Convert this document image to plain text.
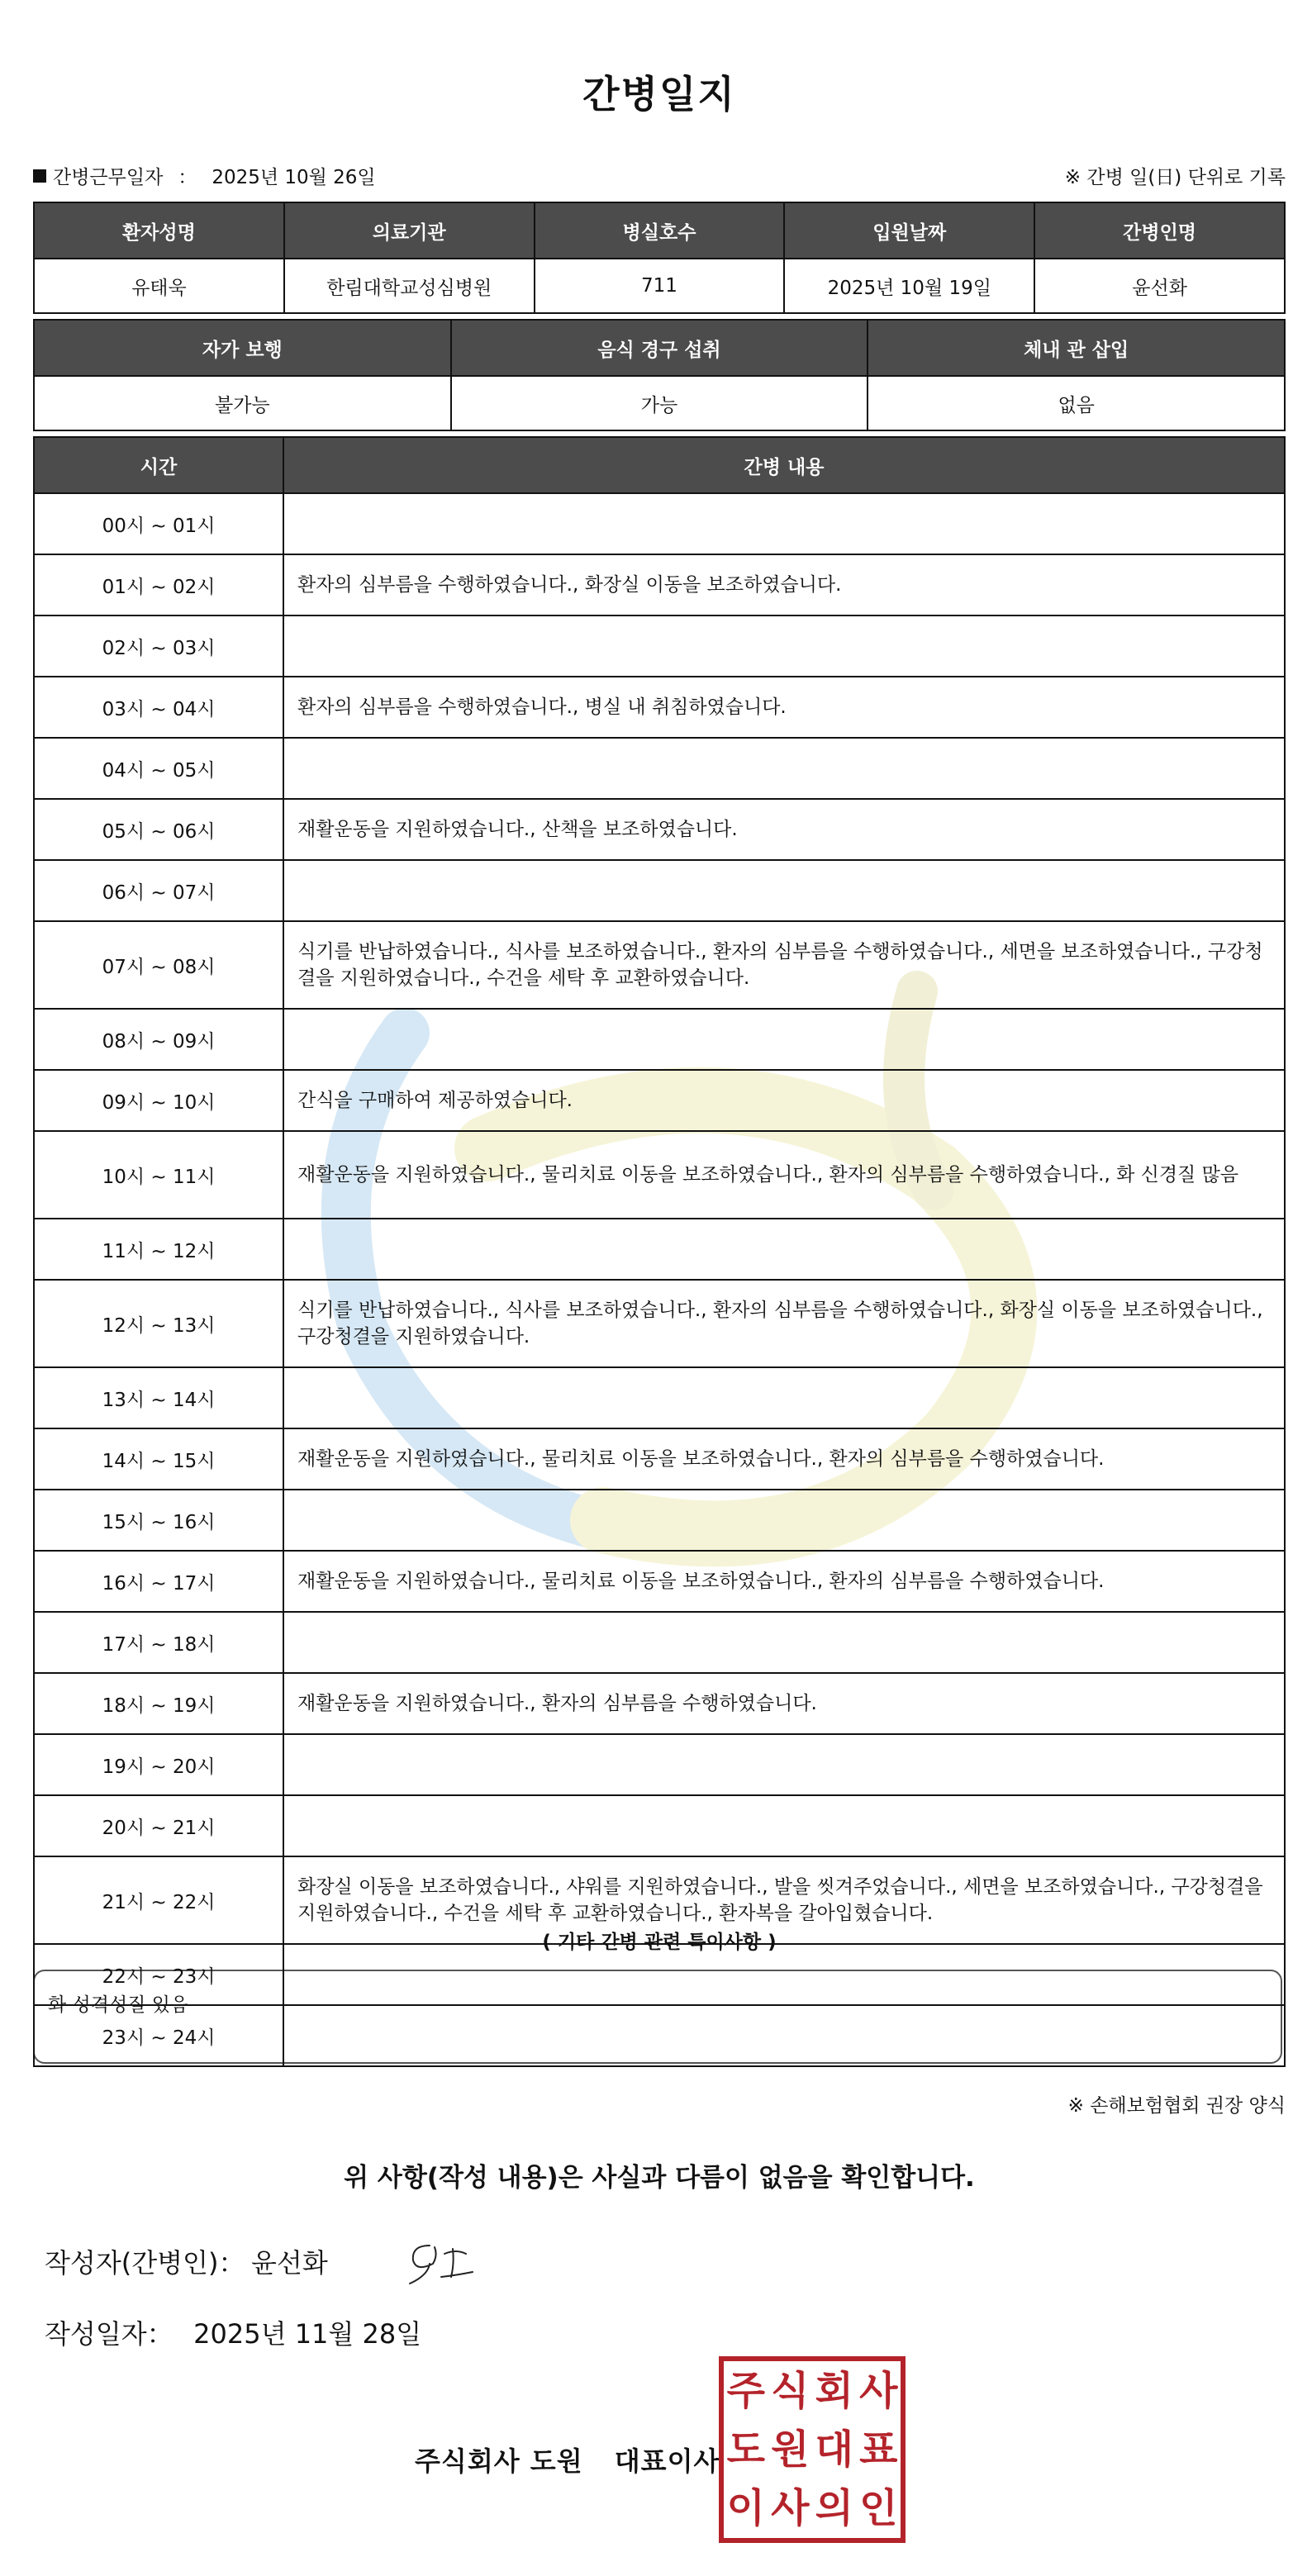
간병일지
간병근무일자 ： 2025년 10월 26일	※ 간병 일(日) 단위로 기록
환자성명	의료기관	병실호수	입원날짜	간병인명
유태욱	한림대학교성심병원	711	2025년 10월 19일	윤선화
자가 보행	음식 경구 섭취	체내 관 삽입
불가능	가능	없음
시간	간병 내용
00시 ~ 01시	
01시 ~ 02시	환자의 심부름을 수행하였습니다., 화장실 이동을 보조하였습니다.
02시 ~ 03시	
03시 ~ 04시	환자의 심부름을 수행하였습니다., 병실 내 취침하였습니다.
04시 ~ 05시	
05시 ~ 06시	재활운동을 지원하였습니다., 산책을 보조하였습니다.
06시 ~ 07시	
07시 ~ 08시	식기를 반납하였습니다., 식사를 보조하였습니다., 환자의 심부름을 수행하였습니다., 세면을 보조하였습니다., 구강청결을 지원하였습니다., 수건을 세탁 후 교환하였습니다.
08시 ~ 09시	
09시 ~ 10시	간식을 구매하여 제공하였습니다.
10시 ~ 11시	재활운동을 지원하였습니다., 물리치료 이동을 보조하였습니다., 환자의 심부름을 수행하였습니다., 화 신경질 많음
11시 ~ 12시	
12시 ~ 13시	식기를 반납하였습니다., 식사를 보조하였습니다., 환자의 심부름을 수행하였습니다., 화장실 이동을 보조하였습니다., 구강청결을 지원하였습니다.
13시 ~ 14시	
14시 ~ 15시	재활운동을 지원하였습니다., 물리치료 이동을 보조하였습니다., 환자의 심부름을 수행하였습니다.
15시 ~ 16시	
16시 ~ 17시	재활운동을 지원하였습니다., 물리치료 이동을 보조하였습니다., 환자의 심부름을 수행하였습니다.
17시 ~ 18시	
18시 ~ 19시	재활운동을 지원하였습니다., 환자의 심부름을 수행하였습니다.
19시 ~ 20시	
20시 ~ 21시	
21시 ~ 22시	화장실 이동을 보조하였습니다., 샤워를 지원하였습니다., 발을 씻겨주었습니다., 세면을 보조하였습니다., 구강청결을 지원하였습니다., 수건을 세탁 후 교환하였습니다., 환자복을 갈아입혔습니다.
22시 ~ 23시	
23시 ~ 24시	
( 기타 간병 관련 특이사항 )
화 성격성질 있음
※ 손해보험협회 권장 양식
위 사항(작성 내용)은 사실과 다름이 없음을 확인합니다.
작성자(간병인)： 윤선화
작성일자： 2025년 11월 28일
주식회사 도원 대표이사
주 식 회 사
도 원 대 표
이 사 의 인
